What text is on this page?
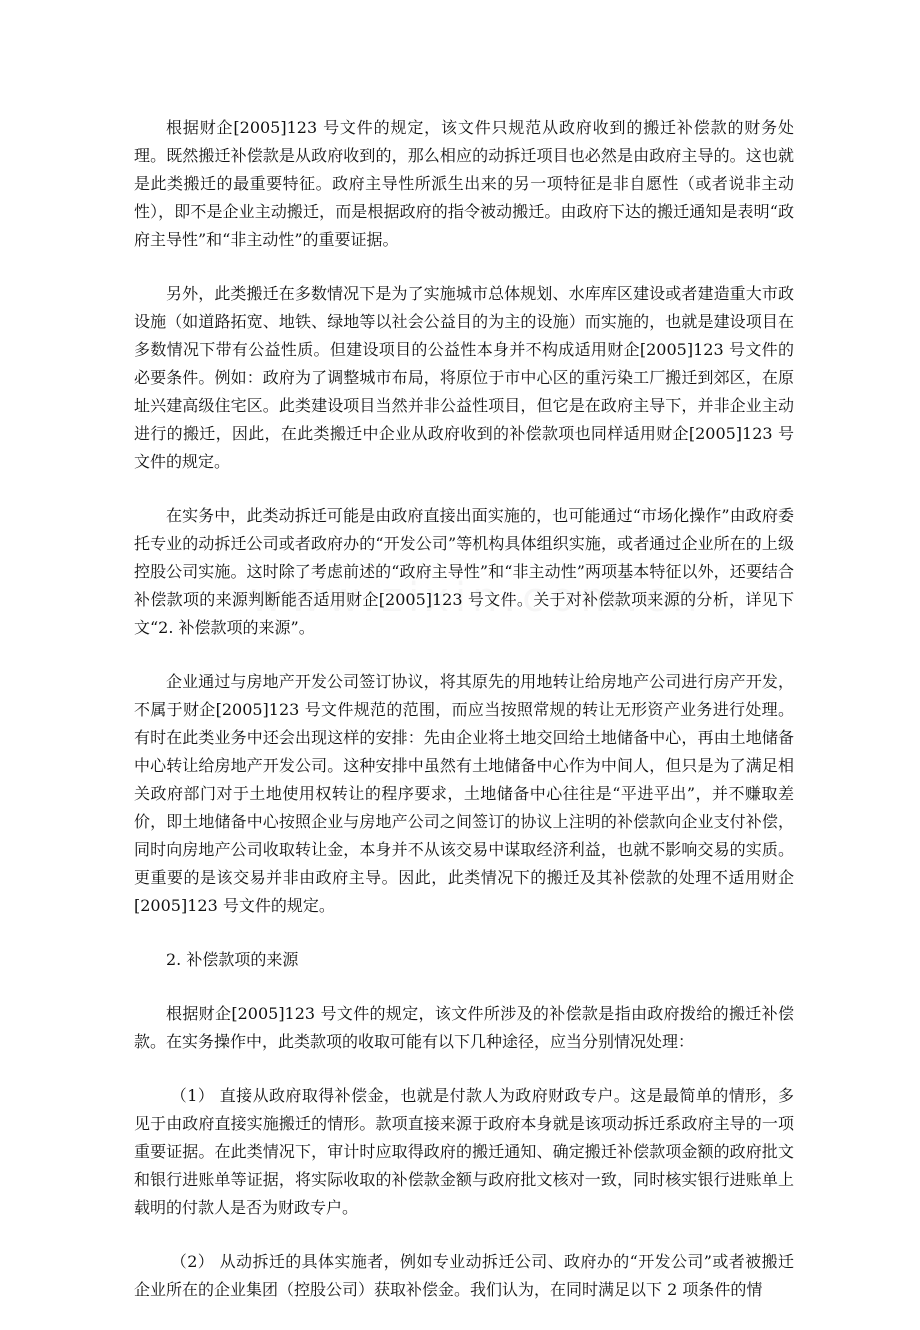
根据财企[2005]123 号文件的规定，该文件只规范从政府收到的搬迁补偿款的财务处理。既然搬迁补偿款是从政府收到的，那么相应的动拆迁项目也必然是由政府主导的。这也就是此类搬迁的最重要特征。政府主导性所派生出来的另一项特征是非自愿性（或者说非主动性），即不是企业主动搬迁，而是根据政府的指令被动搬迁。由政府下达的搬迁通知是表明“政府主导性”和“非主动性”的重要证据。

另外，此类搬迁在多数情况下是为了实施城市总体规划、水库库区建设或者建造重大市政设施（如道路拓宽、地铁、绿地等以社会公益目的为主的设施）而实施的，也就是建设项目在多数情况下带有公益性质。但建设项目的公益性本身并不构成适用财企[2005]123 号文件的必要条件。例如：政府为了调整城市布局，将原位于市中心区的重污染工厂搬迁到郊区，在原址兴建高级住宅区。此类建设项目当然并非公益性项目，但它是在政府主导下，并非企业主动进行的搬迁，因此，在此类搬迁中企业从政府收到的补偿款项也同样适用财企[2005]123 号文件的规定。

在实务中，此类动拆迁可能是由政府直接出面实施的，也可能通过“市场化操作”由政府委托专业的动拆迁公司或者政府办的“开发公司”等机构具体组织实施，或者通过企业所在的上级控股公司实施。这时除了考虑前述的“政府主导性”和“非主动性”两项基本特征以外，还要结合补偿款项的来源判断能否适用财企[2005]123 号文件。关于对补偿款项来源的分析，详见下文“2. 补偿款项的来源”。

企业通过与房地产开发公司签订协议，将其原先的用地转让给房地产公司进行房产开发，不属于财企[2005]123 号文件规范的范围，而应当按照常规的转让无形资产业务进行处理。有时在此类业务中还会出现这样的安排：先由企业将土地交回给土地储备中心，再由土地储备中心转让给房地产开发公司。这种安排中虽然有土地储备中心作为中间人，但只是为了满足相关政府部门对于土地使用权转让的程序要求，土地储备中心往往是“平进平出”，并不赚取差价，即土地储备中心按照企业与房地产公司之间签订的协议上注明的补偿款向企业支付补偿，同时向房地产公司收取转让金，本身并不从该交易中谋取经济利益，也就不影响交易的实质。更重要的是该交易并非由政府主导。因此，此类情况下的搬迁及其补偿款的处理不适用财企[2005]123 号文件的规定。

2. 补偿款项的来源

根据财企[2005]123 号文件的规定，该文件所涉及的补偿款是指由政府拨给的搬迁补偿款。在实务操作中，此类款项的收取可能有以下几种途径，应当分别情况处理：

（1） 直接从政府取得补偿金，也就是付款人为政府财政专户。这是最简单的情形，多见于由政府直接实施搬迁的情形。款项直接来源于政府本身就是该项动拆迁系政府主导的一项重要证据。在此类情况下，审计时应取得政府的搬迁通知、确定搬迁补偿款项金额的政府批文和银行进账单等证据，将实际收取的补偿款金额与政府批文核对一致，同时核实银行进账单上载明的付款人是否为财政专户。

（2） 从动拆迁的具体实施者，例如专业动拆迁公司、政府办的“开发公司”或者被搬迁企业所在的企业集团（控股公司）获取补偿金。我们认为，在同时满足以下 2 项条件的情
